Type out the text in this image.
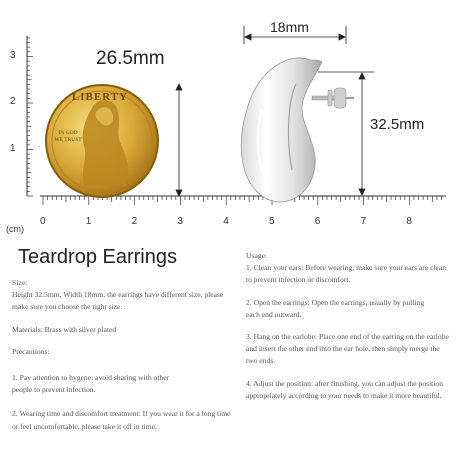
LIBERTY
IN GOD
WE TRUST
26.5mm
18mm
32.5mm
1
2
3
0	1	2	3	4	5	6	7	8
(cm)
Teardrop Earrings

Size:

Height 32.5mm, Width 18mm, the earrings have different size, please make sure you choose the right size.

Materials: Brass with silver plated

Precautions:

1. Pay attention to hygene: avoid sharing with other people to prevent infection.

2. Wearing time and discomfort treatment: If you wear it for a long time or feel uncomfortable, please take it off in time.

Usage:

1. Clean your ears: Before wearing, make sure your ears are clean to prevent infection or discomfort.

2. Open the earrings: Open the earrings, usually by pulling each end outward.

3. Hang on the earlobe: Place one end of the earring on the earlobe and insert the other end into the ear hole, then simply merge the two ends.

4. Adjust the position: after finishing, you can adjust the position appropriately according to your needs to make it more beautiful.
